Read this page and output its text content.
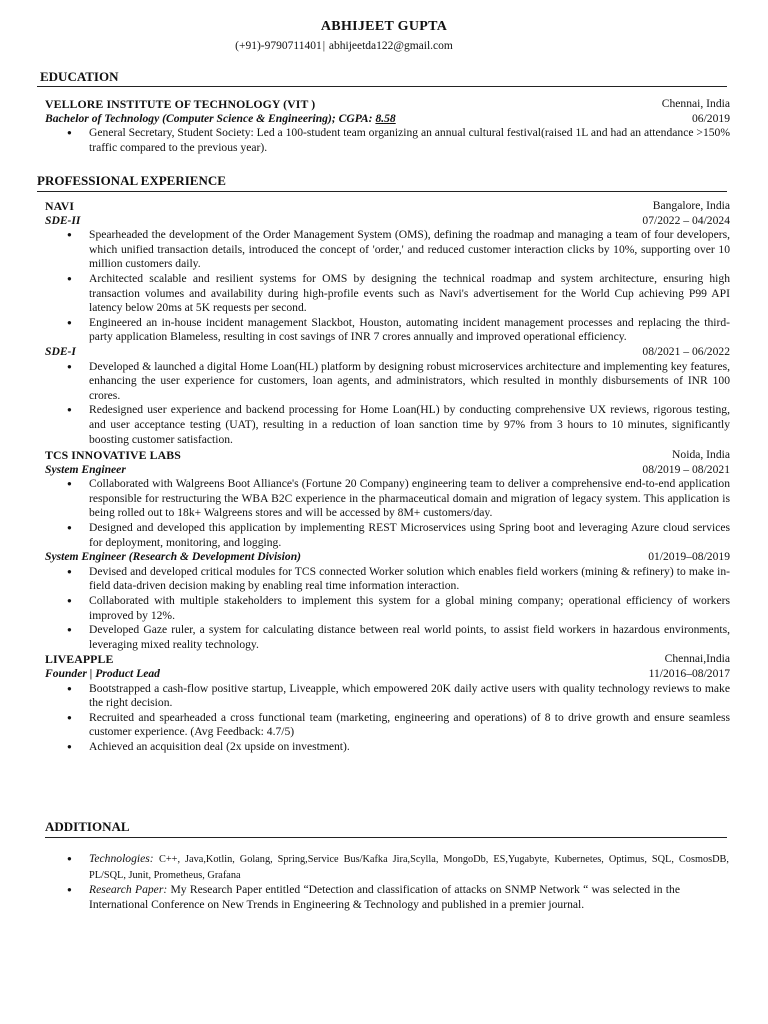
ABHIJEET GUPTA
(+91)-9790711401| abhijeetda122@gmail.com
EDUCATION
VELLORE INSTITUTE OF TECHNOLOGY (VIT )	Chennai, India
Bachelor of Technology (Computer Science & Engineering); CGPA: 8.58	06/2019
● General Secretary, Student Society: Led a 100-student team organizing an annual cultural festival(raised 1L and had an attendance >150% traffic compared to the previous year).
PROFESSIONAL EXPERIENCE
NAVI	Bangalore, India
SDE-II	07/2022 – 04/2024
● Spearheaded the development of the Order Management System (OMS), defining the roadmap and managing a team of four developers, which unified transaction details, introduced the concept of 'order,' and reduced customer interaction clicks by 10%, supporting over 10 million customers daily.
● Architected scalable and resilient systems for OMS by designing the technical roadmap and system architecture, ensuring high transaction volumes and availability during high-profile events such as Navi's advertisement for the World Cup achieving P99 API latency below 20ms at 5K requests per second.
● Engineered an in-house incident management Slackbot, Houston, automating incident management processes and replacing the third-party application Blameless, resulting in cost savings of INR 7 crores annually and improved operational efficiency.
SDE-I	08/2021 – 06/2022
● Developed & launched a digital Home Loan(HL) platform by designing robust microservices architecture and implementing key features, enhancing the user experience for customers, loan agents, and administrators, which resulted in monthly disbursements of INR 100 crores.
● Redesigned user experience and backend processing for Home Loan(HL) by conducting comprehensive UX reviews, rigorous testing, and user acceptance testing (UAT), resulting in a reduction of loan sanction time by 97% from 3 hours to 10 minutes, significantly boosting customer satisfaction.
TCS INNOVATIVE LABS	Noida, India
System Engineer	08/2019 – 08/2021
● Collaborated with Walgreens Boot Alliance's (Fortune 20 Company) engineering team to deliver a comprehensive end-to-end application responsible for restructuring the WBA B2C experience in the pharmaceutical domain and migration of legacy system. This application is being rolled out to 18k+ Walgreens stores and will be accessed by 8M+ customers/day.
● Designed and developed this application by implementing REST Microservices using Spring boot and leveraging Azure cloud services for deployment, monitoring, and logging.
System Engineer (Research & Development Division)	01/2019–08/2019
● Devised and developed critical modules for TCS connected Worker solution which enables field workers (mining & refinery) to make in-field data-driven decision making by enabling real time information interaction.
● Collaborated with multiple stakeholders to implement this system for a global mining company; operational efficiency of workers improved by 12%.
● Developed Gaze ruler, a system for calculating distance between real world points, to assist field workers in hazardous environments, leveraging mixed reality technology.
LIVEAPPLE	Chennai,India
Founder | Product Lead	11/2016–08/2017
● Bootstrapped a cash-flow positive startup, Liveapple, which empowered 20K daily active users with quality technology reviews to make the right decision.
● Recruited and spearheaded a cross functional team (marketing, engineering and operations) of 8 to drive growth and ensure seamless customer experience. (Avg Feedback: 4.7/5)
● Achieved an acquisition deal (2x upside on investment).
ADDITIONAL
● Technologies: C++, Java,Kotlin, Golang, Spring,Service Bus/Kafka Jira,Scylla, MongoDb, ES,Yugabyte, Kubernetes, Optimus, SQL, CosmosDB, PL/SQL, Junit, Prometheus, Grafana
● Research Paper: My Research Paper entitled “Detection and classification of attacks on SNMP Network “ was selected in the International Conference on New Trends in Engineering & Technology and published in a premier journal.
